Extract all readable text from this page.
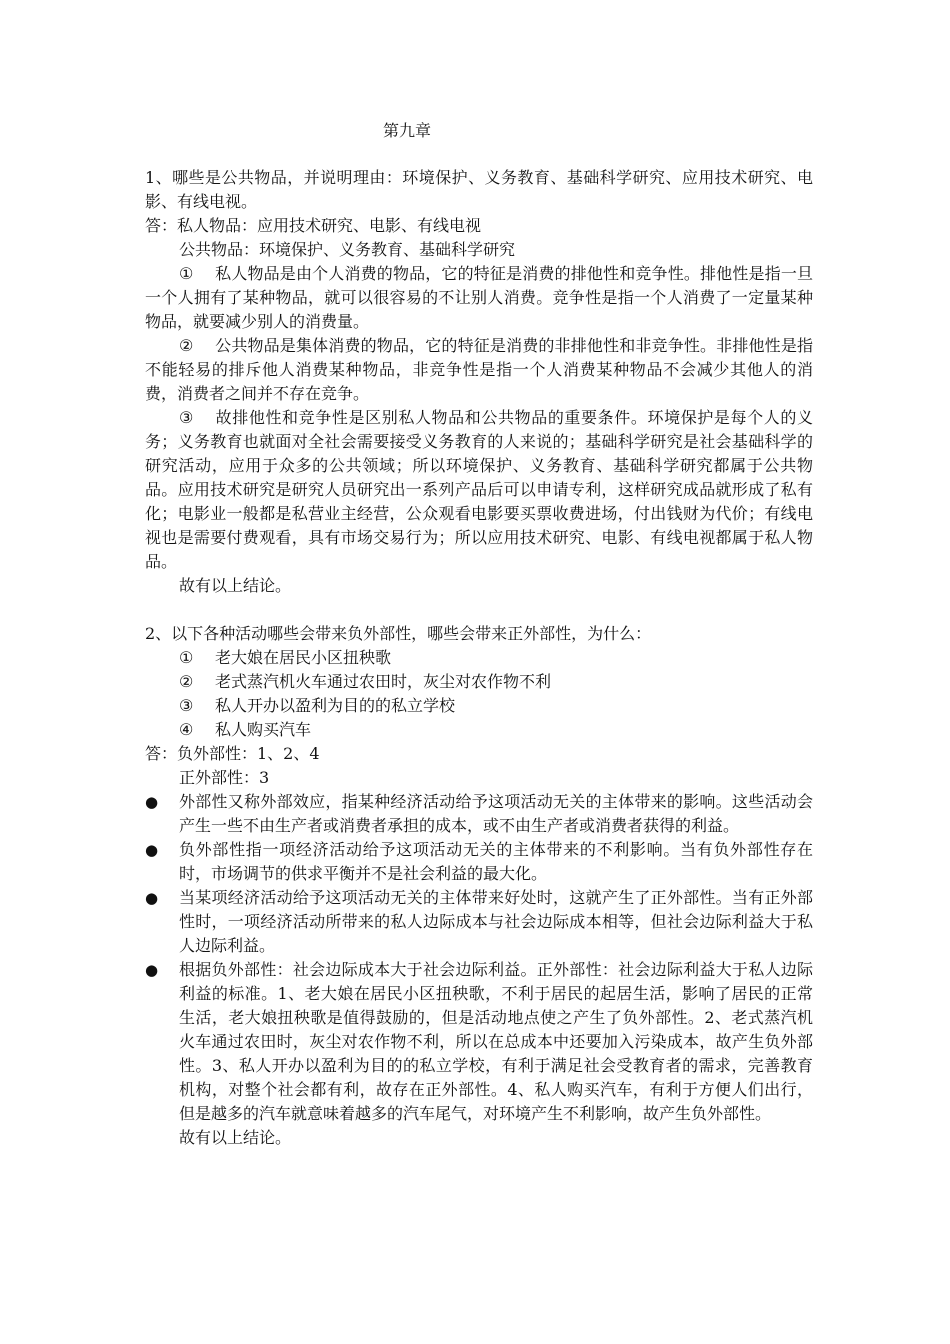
第九章

1、哪些是公共物品，并说明理由：环境保护、义务教育、基础科学研究、应用技术研究、电影、有线电视。

答：私人物品：应用技术研究、电影、有线电视

公共物品：环境保护、义务教育、基础科学研究

① 私人物品是由个人消费的物品，它的特征是消费的排他性和竞争性。排他性是指一旦一个人拥有了某种物品，就可以很容易的不让别人消费。竞争性是指一个人消费了一定量某种物品，就要减少别人的消费量。

② 公共物品是集体消费的物品，它的特征是消费的非排他性和非竞争性。非排他性是指不能轻易的排斥他人消费某种物品，非竞争性是指一个人消费某种物品不会减少其他人的消费，消费者之间并不存在竞争。

③ 故排他性和竞争性是区别私人物品和公共物品的重要条件。环境保护是每个人的义务；义务教育也就面对全社会需要接受义务教育的人来说的；基础科学研究是社会基础科学的研究活动，应用于众多的公共领域；所以环境保护、义务教育、基础科学研究都属于公共物品。应用技术研究是研究人员研究出一系列产品后可以申请专利，这样研究成品就形成了私有化；电影业一般都是私营业主经营，公众观看电影要买票收费进场，付出钱财为代价；有线电视也是需要付费观看，具有市场交易行为；所以应用技术研究、电影、有线电视都属于私人物品。

故有以上结论。

2、以下各种活动哪些会带来负外部性，哪些会带来正外部性，为什么：

① 老大娘在居民小区扭秧歌

② 老式蒸汽机火车通过农田时，灰尘对农作物不利

③ 私人开办以盈利为目的的私立学校

④ 私人购买汽车

答：负外部性：1、2、4

正外部性：3

●	外部性又称外部效应，指某种经济活动给予这项活动无关的主体带来的影响。这些活动会产生一些不由生产者或消费者承担的成本，或不由生产者或消费者获得的利益。

●	负外部性指一项经济活动给予这项活动无关的主体带来的不利影响。当有负外部性存在时，市场调节的供求平衡并不是社会利益的最大化。

●	当某项经济活动给予这项活动无关的主体带来好处时，这就产生了正外部性。当有正外部性时，一项经济活动所带来的私人边际成本与社会边际成本相等，但社会边际利益大于私人边际利益。

●	根据负外部性：社会边际成本大于社会边际利益。正外部性：社会边际利益大于私人边际利益的标准。1、老大娘在居民小区扭秧歌，不利于居民的起居生活，影响了居民的正常生活，老大娘扭秧歌是值得鼓励的，但是活动地点使之产生了负外部性。2、老式蒸汽机火车通过农田时，灰尘对农作物不利，所以在总成本中还要加入污染成本，故产生负外部性。3、私人开办以盈利为目的的私立学校，有利于满足社会受教育者的需求，完善教育机构，对整个社会都有利，故存在正外部性。4、私人购买汽车，有利于方便人们出行，但是越多的汽车就意味着越多的汽车尾气，对环境产生不利影响，故产生负外部性。

故有以上结论。
